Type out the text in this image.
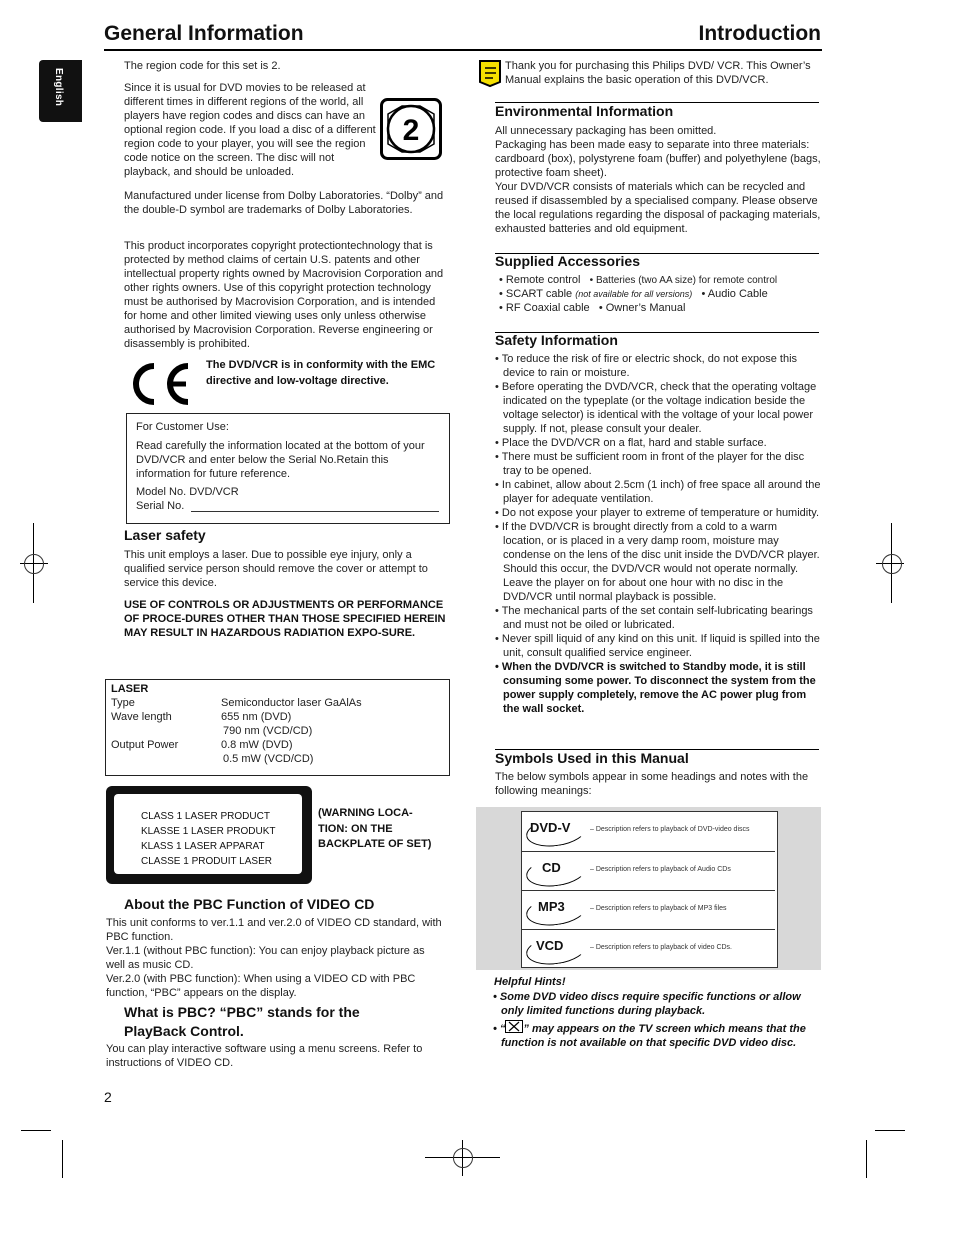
General Information	Introduction
English
The region code for this set is 2.
Since it is usual for DVD movies to be released at different times in different regions of the world, all players have region codes and discs can have an optional region code. If you load a disc of a different region code to your player, you will see the region code notice on the screen. The disc will not playback, and should be unloaded.
2
Manufactured under license from Dolby Laboratories. “Dolby” and the double-D symbol are trademarks of Dolby Laboratories.
This product incorporates copyright protectiontechnology that is protected by method claims of certain U.S. patents and other intellectual property rights owned by Macrovision Corporation and other rights owners. Use of this copyright protection technology must be authorised by Macrovision Corporation, and is intended for home and other limited viewing uses only unless otherwise authorised by Macrovision Corporation. Reverse engineering or disassembly is prohibited.
The DVD/VCR is in conformity with the EMC directive and low-voltage directive.
For Customer Use:
Read carefully the information located at the bottom of your DVD/VCR and enter below the Serial No.Retain this information for future reference.
Model No. DVD/VCR
Serial No.
Laser safety
This unit employs a laser. Due to possible eye injury, only a qualified service person should remove the cover or attempt to service this device.
USE OF CONTROLS OR ADJUSTMENTS OR PERFORMANCE OF PROCE-DURES OTHER THAN THOSE SPECIFIED HEREIN MAY RESULT IN HAZARDOUS RADIATION EXPO-SURE.
LASER
Type	Semiconductor laser GaAlAs
Wave length	655 nm (DVD)
	790 nm (VCD/CD)
Output Power	0.8 mW (DVD)
	0.5 mW (VCD/CD)
CLASS 1 LASER PRODUCT
KLASSE 1 LASER PRODUKT
KLASS 1 LASER APPARAT
CLASSE 1 PRODUIT LASER
(WARNING LOCA-TION: ON THE BACKPLATE OF SET)
About the PBC Function of VIDEO CD
This unit conforms to ver.1.1 and ver.2.0 of VIDEO CD standard, with PBC function.
Ver.1.1 (without PBC function): You can enjoy playback picture as well as music CD.
Ver.2.0 (with PBC function): When using a VIDEO CD with PBC function, “PBC” appears on the display.
What is PBC? “PBC” stands for the PlayBack Control.
You can play interactive software using a menu screens. Refer to instructions of VIDEO CD.
2
Thank you for purchasing this Philips DVD/ VCR. This Owner’s Manual explains the basic operation of this DVD/VCR.
Environmental Information
All unnecessary packaging has been omitted.
Packaging has been made easy to separate into three materials: cardboard (box), polystyrene foam (buffer) and polyethylene (bags, protective foam sheet).
Your DVD/VCR consists of materials which can be recycled and reused if disassembled by a specialised company. Please observe the local regulations regarding the disposal of packaging materials, exhausted batteries and old equipment.
Supplied Accessories
• Remote control • Batteries (two AA size) for remote control
• SCART cable (not available for all versions) • Audio Cable
• RF Coaxial cable • Owner’s Manual
Safety Information
• To reduce the risk of fire or electric shock, do not expose this device to rain or moisture.
• Before operating the DVD/VCR, check that the operating voltage indicated on the typeplate (or the voltage indication beside the voltage selector) is identical with the voltage of your local power supply. If not, please consult your dealer.
• Place the DVD/VCR on a flat, hard and stable surface.
• There must be sufficient room in front of the player for the disc tray to be opened.
• In cabinet, allow about 2.5cm (1 inch) of free space all around the player for adequate ventilation.
• Do not expose your player to extreme of temperature or humidity.
• If the DVD/VCR is brought directly from a cold to a warm location, or is placed in a very damp room, moisture may condense on the lens of the disc unit inside the DVD/VCR player. Should this occur, the DVD/VCR would not operate normally. Leave the player on for about one hour with no disc in the DVD/VCR until normal playback is possible.
• The mechanical parts of the set contain self-lubricating bearings and must not be oiled or lubricated.
• Never spill liquid of any kind on this unit. If liquid is spilled into the unit, consult qualified service engineer.
• When the DVD/VCR is switched to Standby mode, it is still consuming some power. To disconnect the system from the power supply completely, remove the AC power plug from the wall socket.
Symbols Used in this Manual
The below symbols appear in some headings and notes with the following meanings:
DVD-V	– Description refers to playback of DVD-video discs
CD	– Description refers to playback of Audio CDs
MP3	– Description refers to playback of MP3 files
VCD	– Description refers to playback of video CDs.
Helpful Hints!
• Some DVD video discs require specific functions or allow only limited functions during playback.
• “ ” may appears on the TV screen which means that the function is not available on that specific DVD video disc.
